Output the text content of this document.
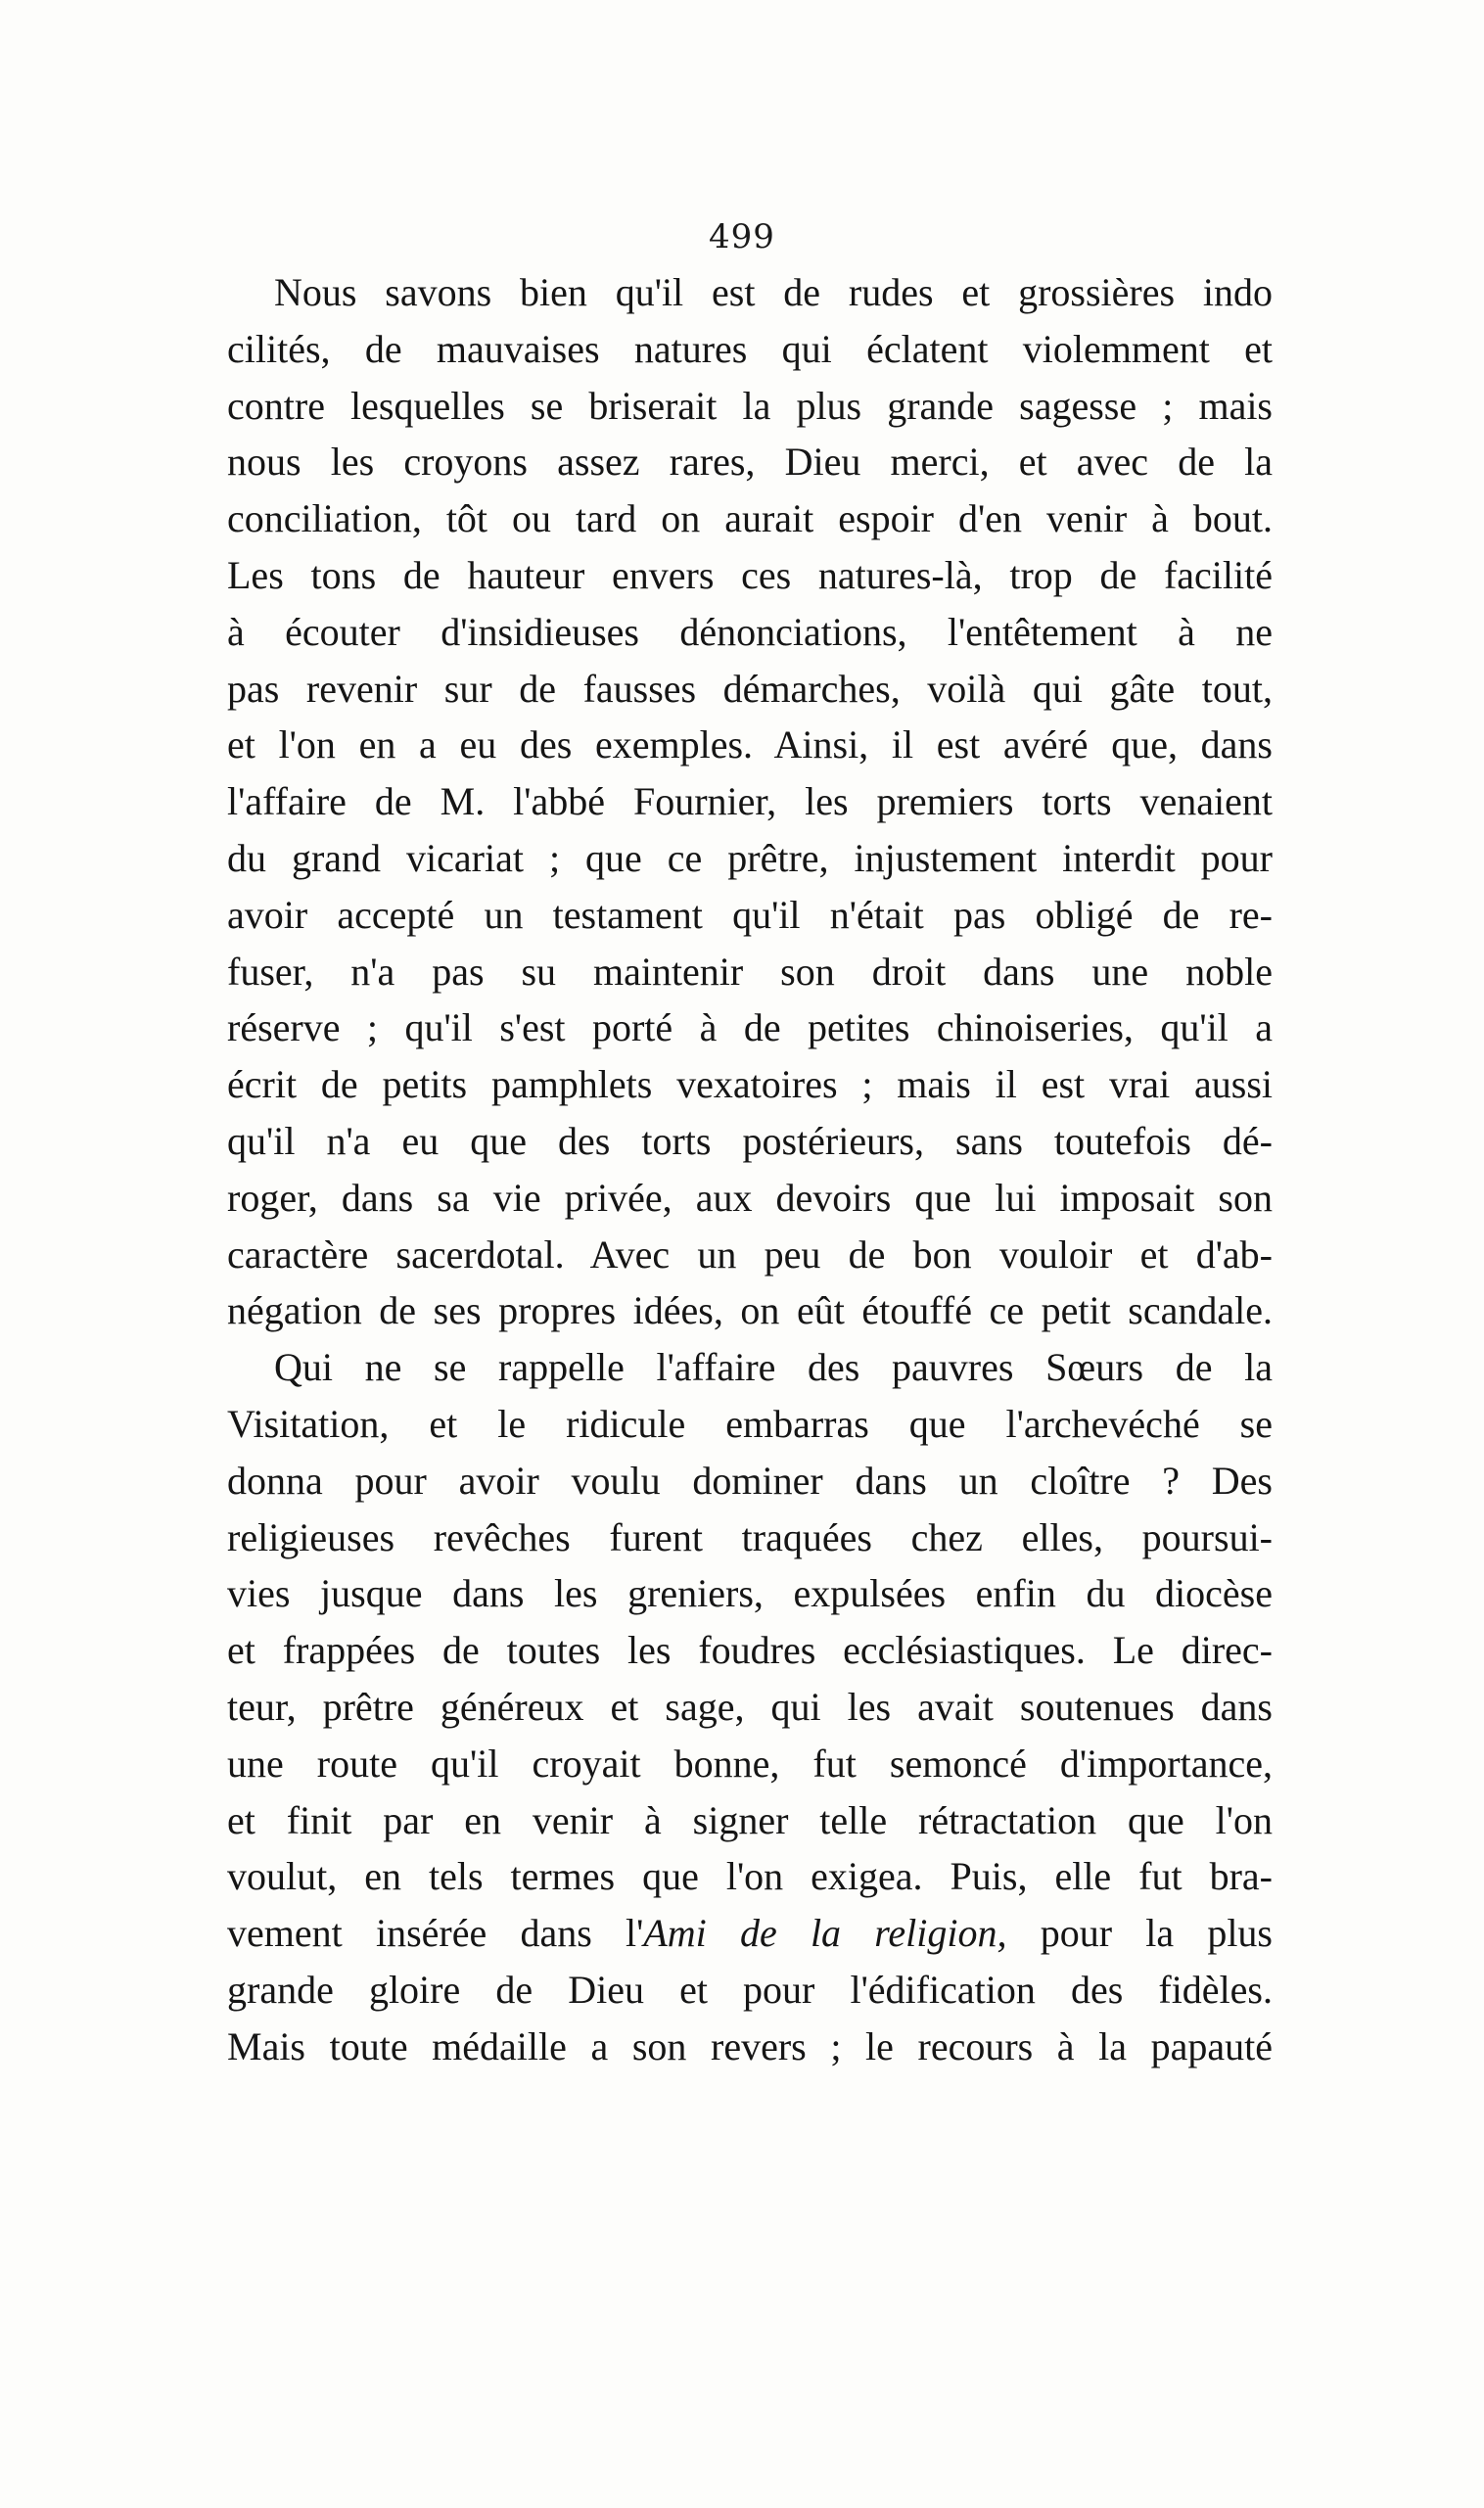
499
Nous savons bien qu'il est de rudes et grossières indo
cilités, de mauvaises natures qui éclatent violemment et
contre lesquelles se briserait la plus grande sagesse ; mais
nous les croyons assez rares, Dieu merci, et avec de la
conciliation, tôt ou tard on aurait espoir d'en venir à bout.
Les tons de hauteur envers ces natures-là, trop de facilité
à écouter d'insidieuses dénonciations, l'entêtement à ne
pas revenir sur de fausses démarches, voilà qui gâte tout,
et l'on en a eu des exemples. Ainsi, il est avéré que, dans
l'affaire de M. l'abbé Fournier, les premiers torts venaient
du grand vicariat ; que ce prêtre, injustement interdit pour
avoir accepté un testament qu'il n'était pas obligé de re-
fuser, n'a pas su maintenir son droit dans une noble
réserve ; qu'il s'est porté à de petites chinoiseries, qu'il a
écrit de petits pamphlets vexatoires ; mais il est vrai aussi
qu'il n'a eu que des torts postérieurs, sans toutefois dé-
roger, dans sa vie privée, aux devoirs que lui imposait son
caractère sacerdotal. Avec un peu de bon vouloir et d'ab-
négation de ses propres idées, on eût étouffé ce petit scandale.
Qui ne se rappelle l'affaire des pauvres Sœurs de la
Visitation, et le ridicule embarras que l'archevéché se
donna pour avoir voulu dominer dans un cloître ? Des
religieuses revêches furent traquées chez elles, poursui-
vies jusque dans les greniers, expulsées enfin du diocèse
et frappées de toutes les foudres ecclésiastiques. Le direc-
teur, prêtre généreux et sage, qui les avait soutenues dans
une route qu'il croyait bonne, fut semoncé d'importance,
et finit par en venir à signer telle rétractation que l'on
voulut, en tels termes que l'on exigea. Puis, elle fut bra-
vement insérée dans l'Ami de la religion, pour la plus
grande gloire de Dieu et pour l'édification des fidèles.
Mais toute médaille a son revers ; le recours à la papauté
